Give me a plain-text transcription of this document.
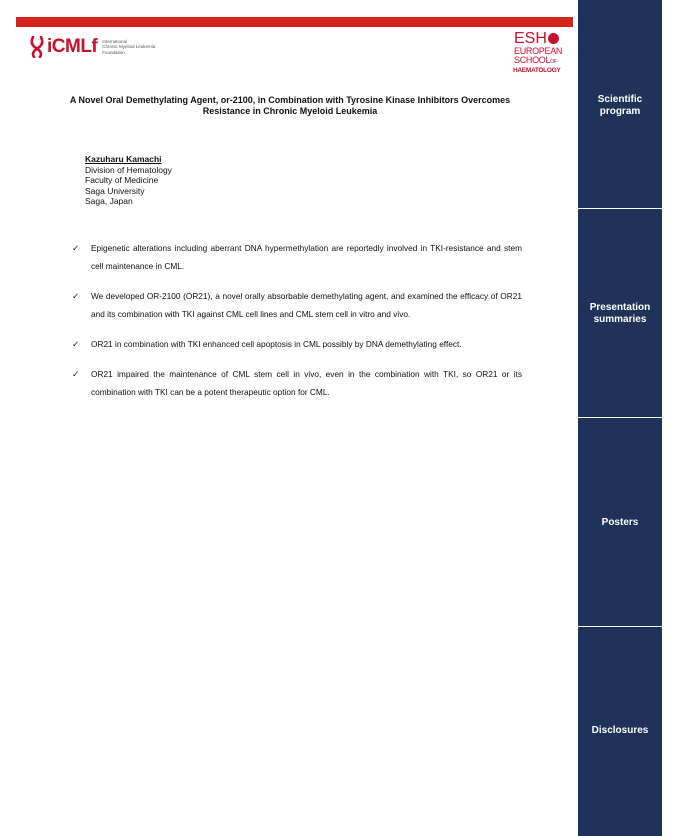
iCMLf International
Chronic Myeloid Leukemia
Foundation
ESH
EUROPEAN
SCHOOLOF
HAEMATOLOGY
A Novel Oral Demethylating Agent, or-2100, in Combination with Tyrosine Kinase Inhibitors Overcomes
Resistance in Chronic Myeloid Leukemia
Kazuharu Kamachi
Division of Hematology
Faculty of Medicine
Saga University
Saga, Japan
✓ Epigenetic alterations including aberrant DNA hypermethylation are reportedly involved in TKI-resistance and stem cell maintenance in CML.
✓ We developed OR-2100 (OR21), a novel orally absorbable demethylating agent, and examined the efficacy of OR21 and its combination with TKI against CML cell lines and CML stem cell in vitro and vivo.
✓ OR21 in combination with TKI enhanced cell apoptosis in CML possibly by DNA demethylating effect.
✓ OR21 impaired the maintenance of CML stem cell in vivo, even in the combination with TKI, so OR21 or its combination with TKI can be a potent therapeutic option for CML.
Scientific
program
Presentation
summaries
Posters
Disclosures
